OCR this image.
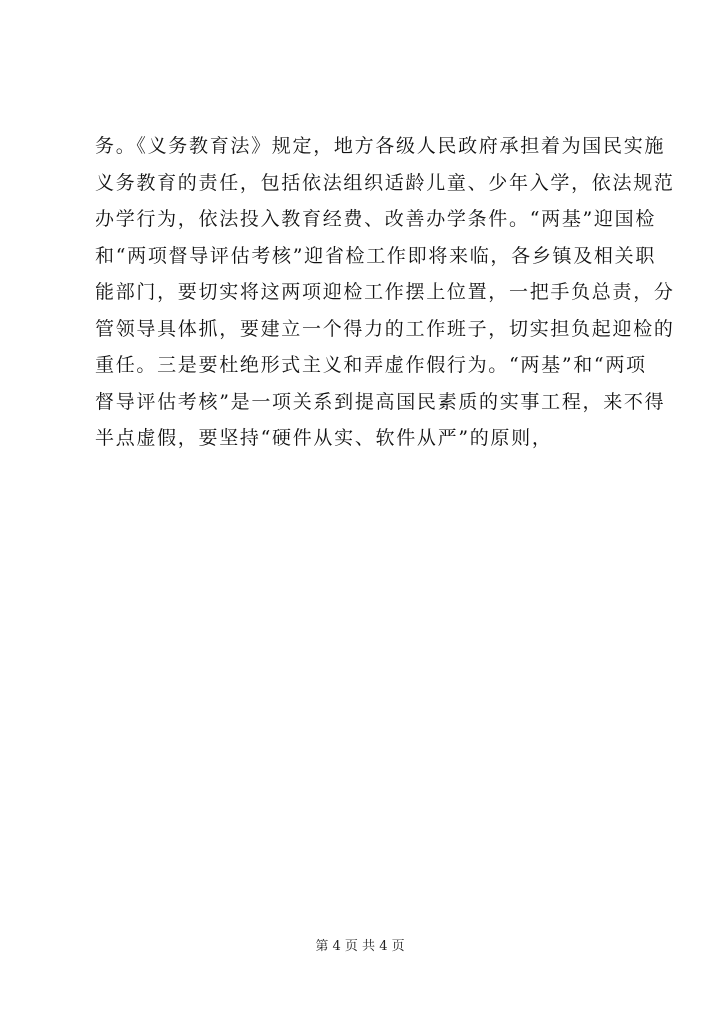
务。《义务教育法》规定，地方各级人民政府承担着为国民实施
义务教育的责任，包括依法组织适龄儿童、少年入学，依法规范
办学行为，依法投入教育经费、改善办学条件。“两基”迎国检
和“两项督导评估考核”迎省检工作即将来临，各乡镇及相关职
能部门，要切实将这两项迎检工作摆上位置，一把手负总责，分
管领导具体抓，要建立一个得力的工作班子，切实担负起迎检的
重任。三是要杜绝形式主义和弄虚作假行为。“两基”和“两项
督导评估考核”是一项关系到提高国民素质的实事工程，来不得
半点虚假，要坚持“硬件从实、软件从严”的原则，
第 4 页 共 4 页
